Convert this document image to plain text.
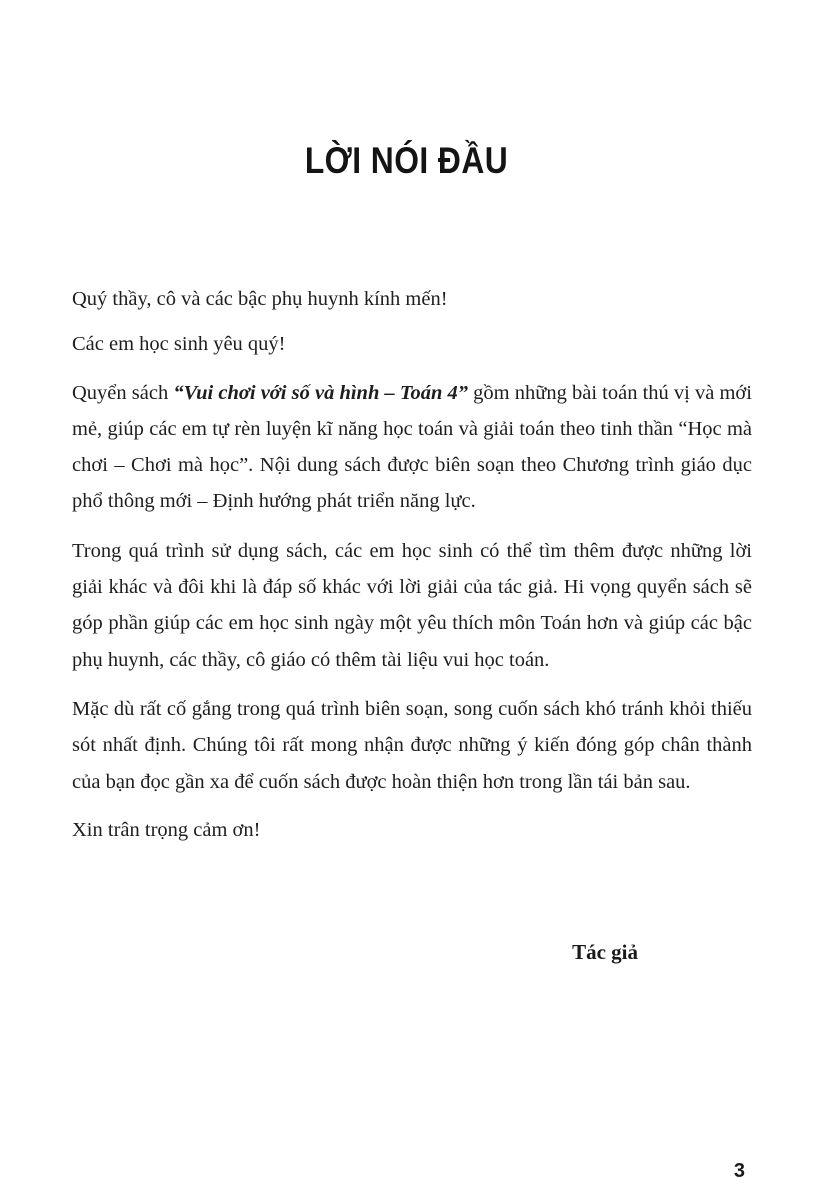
LỜI NÓI ĐẦU

Quý thầy, cô và các bậc phụ huynh kính mến!

Các em học sinh yêu quý!

Quyển sách “Vui chơi với số và hình – Toán 4” gồm những bài toán thú vị và mới mẻ, giúp các em tự rèn luyện kĩ năng học toán và giải toán theo tinh thần “Học mà chơi – Chơi mà học”. Nội dung sách được biên soạn theo Chương trình giáo dục phổ thông mới – Định hướng phát triển năng lực.

Trong quá trình sử dụng sách, các em học sinh có thể tìm thêm được những lời giải khác và đôi khi là đáp số khác với lời giải của tác giả. Hi vọng quyển sách sẽ góp phần giúp các em học sinh ngày một yêu thích môn Toán hơn và giúp các bậc phụ huynh, các thầy, cô giáo có thêm tài liệu vui học toán.

Mặc dù rất cố gắng trong quá trình biên soạn, song cuốn sách khó tránh khỏi thiếu sót nhất định. Chúng tôi rất mong nhận được những ý kiến đóng góp chân thành của bạn đọc gần xa để cuốn sách được hoàn thiện hơn trong lần tái bản sau.

Xin trân trọng cảm ơn!

Tác giả
3
